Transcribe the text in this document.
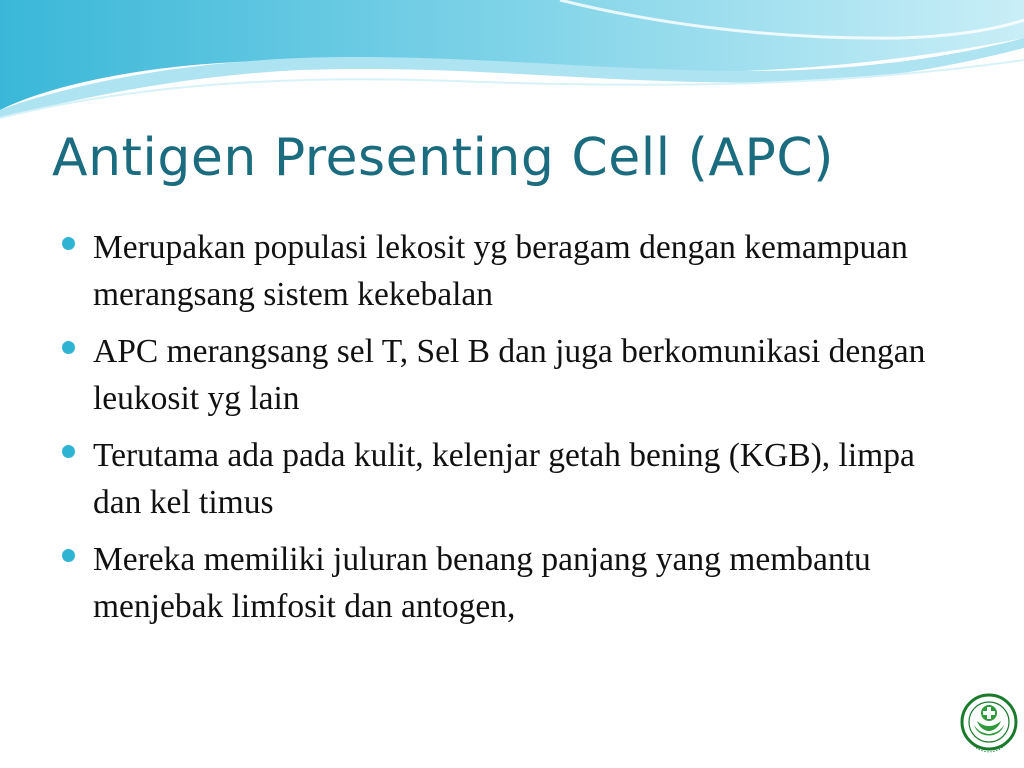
Antigen Presenting Cell (APC)
Merupakan populasi lekosit yg beragam dengan kemampuan merangsang sistem kekebalan
APC merangsang sel T, Sel B dan juga berkomunikasi dengan leukosit yg lain
Terutama ada pada kulit, kelenjar getah bening (KGB), limpa dan kel timus
Mereka memiliki juluran benang panjang yang membantu menjebak limfosit dan antogen,
